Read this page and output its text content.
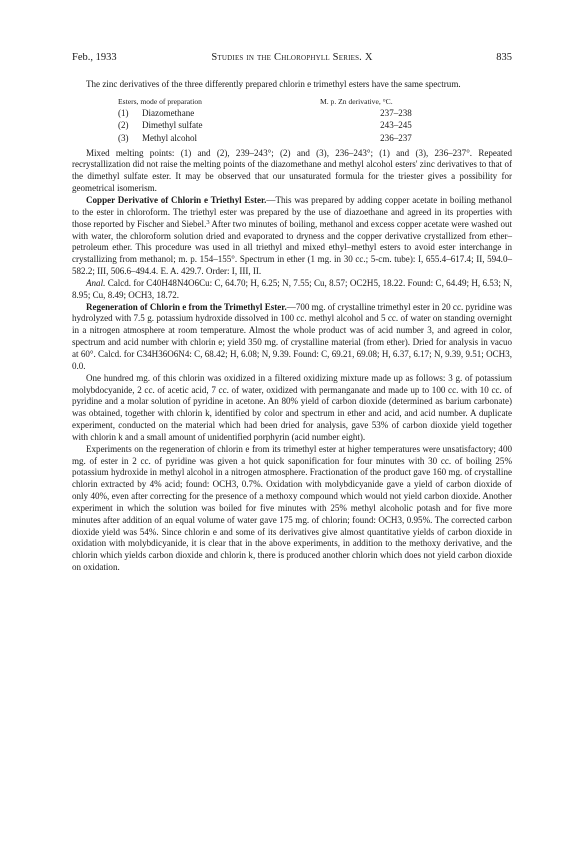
Feb., 1933	Studies in the Chlorophyll Series. X	835

The zinc derivatives of the three differently prepared chlorin e trimethyl esters have the same spectrum.

Esters, mode of preparation	M. p. Zn derivative, °C.
(1)	Diazomethane	237–238
(2)	Dimethyl sulfate	243–245
(3)	Methyl alcohol	236–237

Mixed melting points: (1) and (2), 239–243°; (2) and (3), 236–243°; (1) and (3), 236–237°. Repeated recrystallization did not raise the melting points of the diazomethane and methyl alcohol esters' zinc derivatives to that of the dimethyl sulfate ester. It may be observed that our unsaturated formula for the triester gives a possibility for geometrical isomerism.

Copper Derivative of Chlorin e Triethyl Ester.—This was prepared by adding copper acetate in boiling methanol to the ester in chloroform. The triethyl ester was prepared by the use of diazoethane and agreed in its properties with those reported by Fischer and Siebel.$^3$ After two minutes of boiling, methanol and excess copper acetate were washed out with water, the chloroform solution dried and evaporated to dryness and the copper derivative crystallized from ether–petroleum ether. This procedure was used in all triethyl and mixed ethyl–methyl esters to avoid ester interchange in crystallizing from methanol; m. p. 154–155°. Spectrum in ether (1 mg. in 30 cc.; 5-cm. tube): I, 655.4–617.4; II, 594.0–582.2; III, 506.6–494.4. E. A. 429.7. Order: I, III, II.

Anal. Calcd. for C40H48N4O6Cu: C, 64.70; H, 6.25; N, 7.55; Cu, 8.57; OC2H5, 18.22. Found: C, 64.49; H, 6.53; N, 8.95; Cu, 8.49; OCH3, 18.72.

Regeneration of Chlorin e from the Trimethyl Ester.—700 mg. of crystalline trimethyl ester in 20 cc. pyridine was hydrolyzed with 7.5 g. potassium hydroxide dissolved in 100 cc. methyl alcohol and 5 cc. of water on standing overnight in a nitrogen atmosphere at room temperature. Almost the whole product was of acid number 3, and agreed in color, spectrum and acid number with chlorin e; yield 350 mg. of crystalline material (from ether). Dried for analysis in vacuo at 60°. Calcd. for C34H36O6N4: C, 68.42; H, 6.08; N, 9.39. Found: C, 69.21, 69.08; H, 6.37, 6.17; N, 9.39, 9.51; OCH3, 0.0.

One hundred mg. of this chlorin was oxidized in a filtered oxidizing mixture made up as follows: 3 g. of potassium molybdocyanide, 2 cc. of acetic acid, 7 cc. of water, oxidized with permanganate and made up to 100 cc. with 10 cc. of pyridine and a molar solution of pyridine in acetone. An 80% yield of carbon dioxide (determined as barium carbonate) was obtained, together with chlorin k, identified by color and spectrum in ether and acid, and acid number. A duplicate experiment, conducted on the material which had been dried for analysis, gave 53% of carbon dioxide yield together with chlorin k and a small amount of unidentified porphyrin (acid number eight).

Experiments on the regeneration of chlorin e from its trimethyl ester at higher temperatures were unsatisfactory; 400 mg. of ester in 2 cc. of pyridine was given a hot quick saponification for four minutes with 30 cc. of boiling 25% potassium hydroxide in methyl alcohol in a nitrogen atmosphere. Fractionation of the product gave 160 mg. of crystalline chlorin extracted by 4% acid; found: OCH3, 0.7%. Oxidation with molybdicyanide gave a yield of carbon dioxide of only 40%, even after correcting for the presence of a methoxy compound which would not yield carbon dioxide. Another experiment in which the solution was boiled for five minutes with 25% methyl alcoholic potash and for five more minutes after addition of an equal volume of water gave 175 mg. of chlorin; found: OCH3, 0.95%. The corrected carbon dioxide yield was 54%. Since chlorin e and some of its derivatives give almost quantitative yields of carbon dioxide in oxidation with molybdicyanide, it is clear that in the above experiments, in addition to the methoxy derivative, and the chlorin which yields carbon dioxide and chlorin k, there is produced another chlorin which does not yield carbon dioxide on oxidation.
